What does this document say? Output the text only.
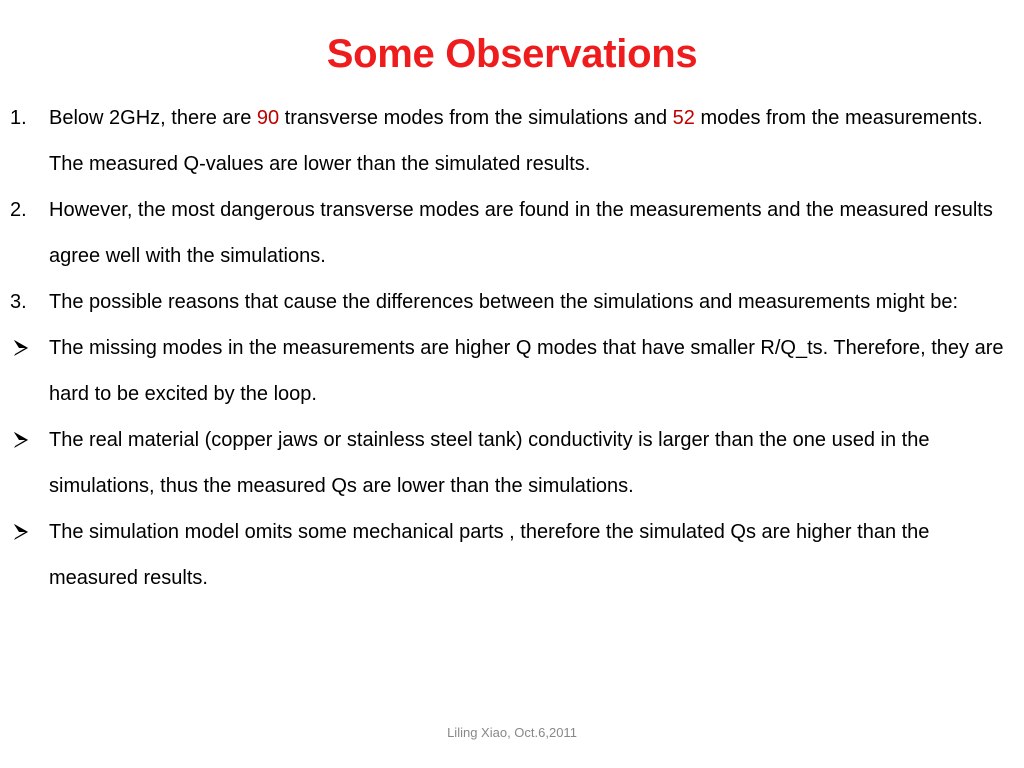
Some Observations
1.	Below 2GHz, there are 90 transverse modes from the simulations and 52 modes from the measurements. The measured Q-values are lower than the simulated results.
2.	However, the most dangerous transverse modes are found in the measurements and the measured results agree well with the simulations.
3.	The possible reasons that cause the differences between the simulations and measurements might be:
The missing modes in the measurements are higher Q modes that have smaller R/Q_ts. Therefore, they are hard to be excited by the loop.
The real material (copper jaws or stainless steel tank) conductivity is larger than the one used in the simulations, thus the measured Qs are lower than the simulations.
The simulation model omits some mechanical parts , therefore the simulated Qs are higher than the measured results.
Liling Xiao, Oct.6,2011
